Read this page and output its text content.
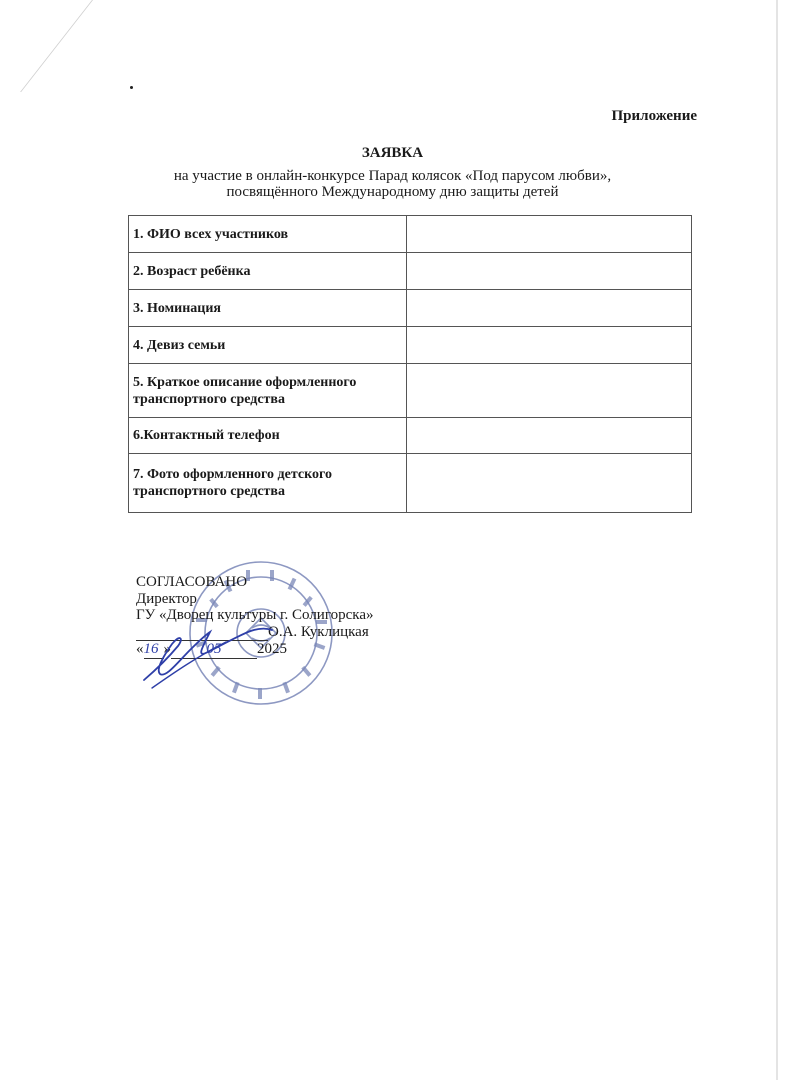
Приложение
ЗАЯВКА
на участие в онлайн-конкурсе Парад колясок «Под парусом любви»,
посвящённого Международному дню защиты детей
1. ФИО всех участников	

2. Возраст ребёнка	

3. Номинация	

4. Девиз семьи	

5. Краткое описание оформленного
транспортного средства	

6.Контактный телефон	

7. Фото оформленного детского
транспортного средства	

СОГЛАСОВАНО
Директор
ГУ «Дворец культуры г. Солигорска»
О.А. Куклицкая
«16 » 05 2025
